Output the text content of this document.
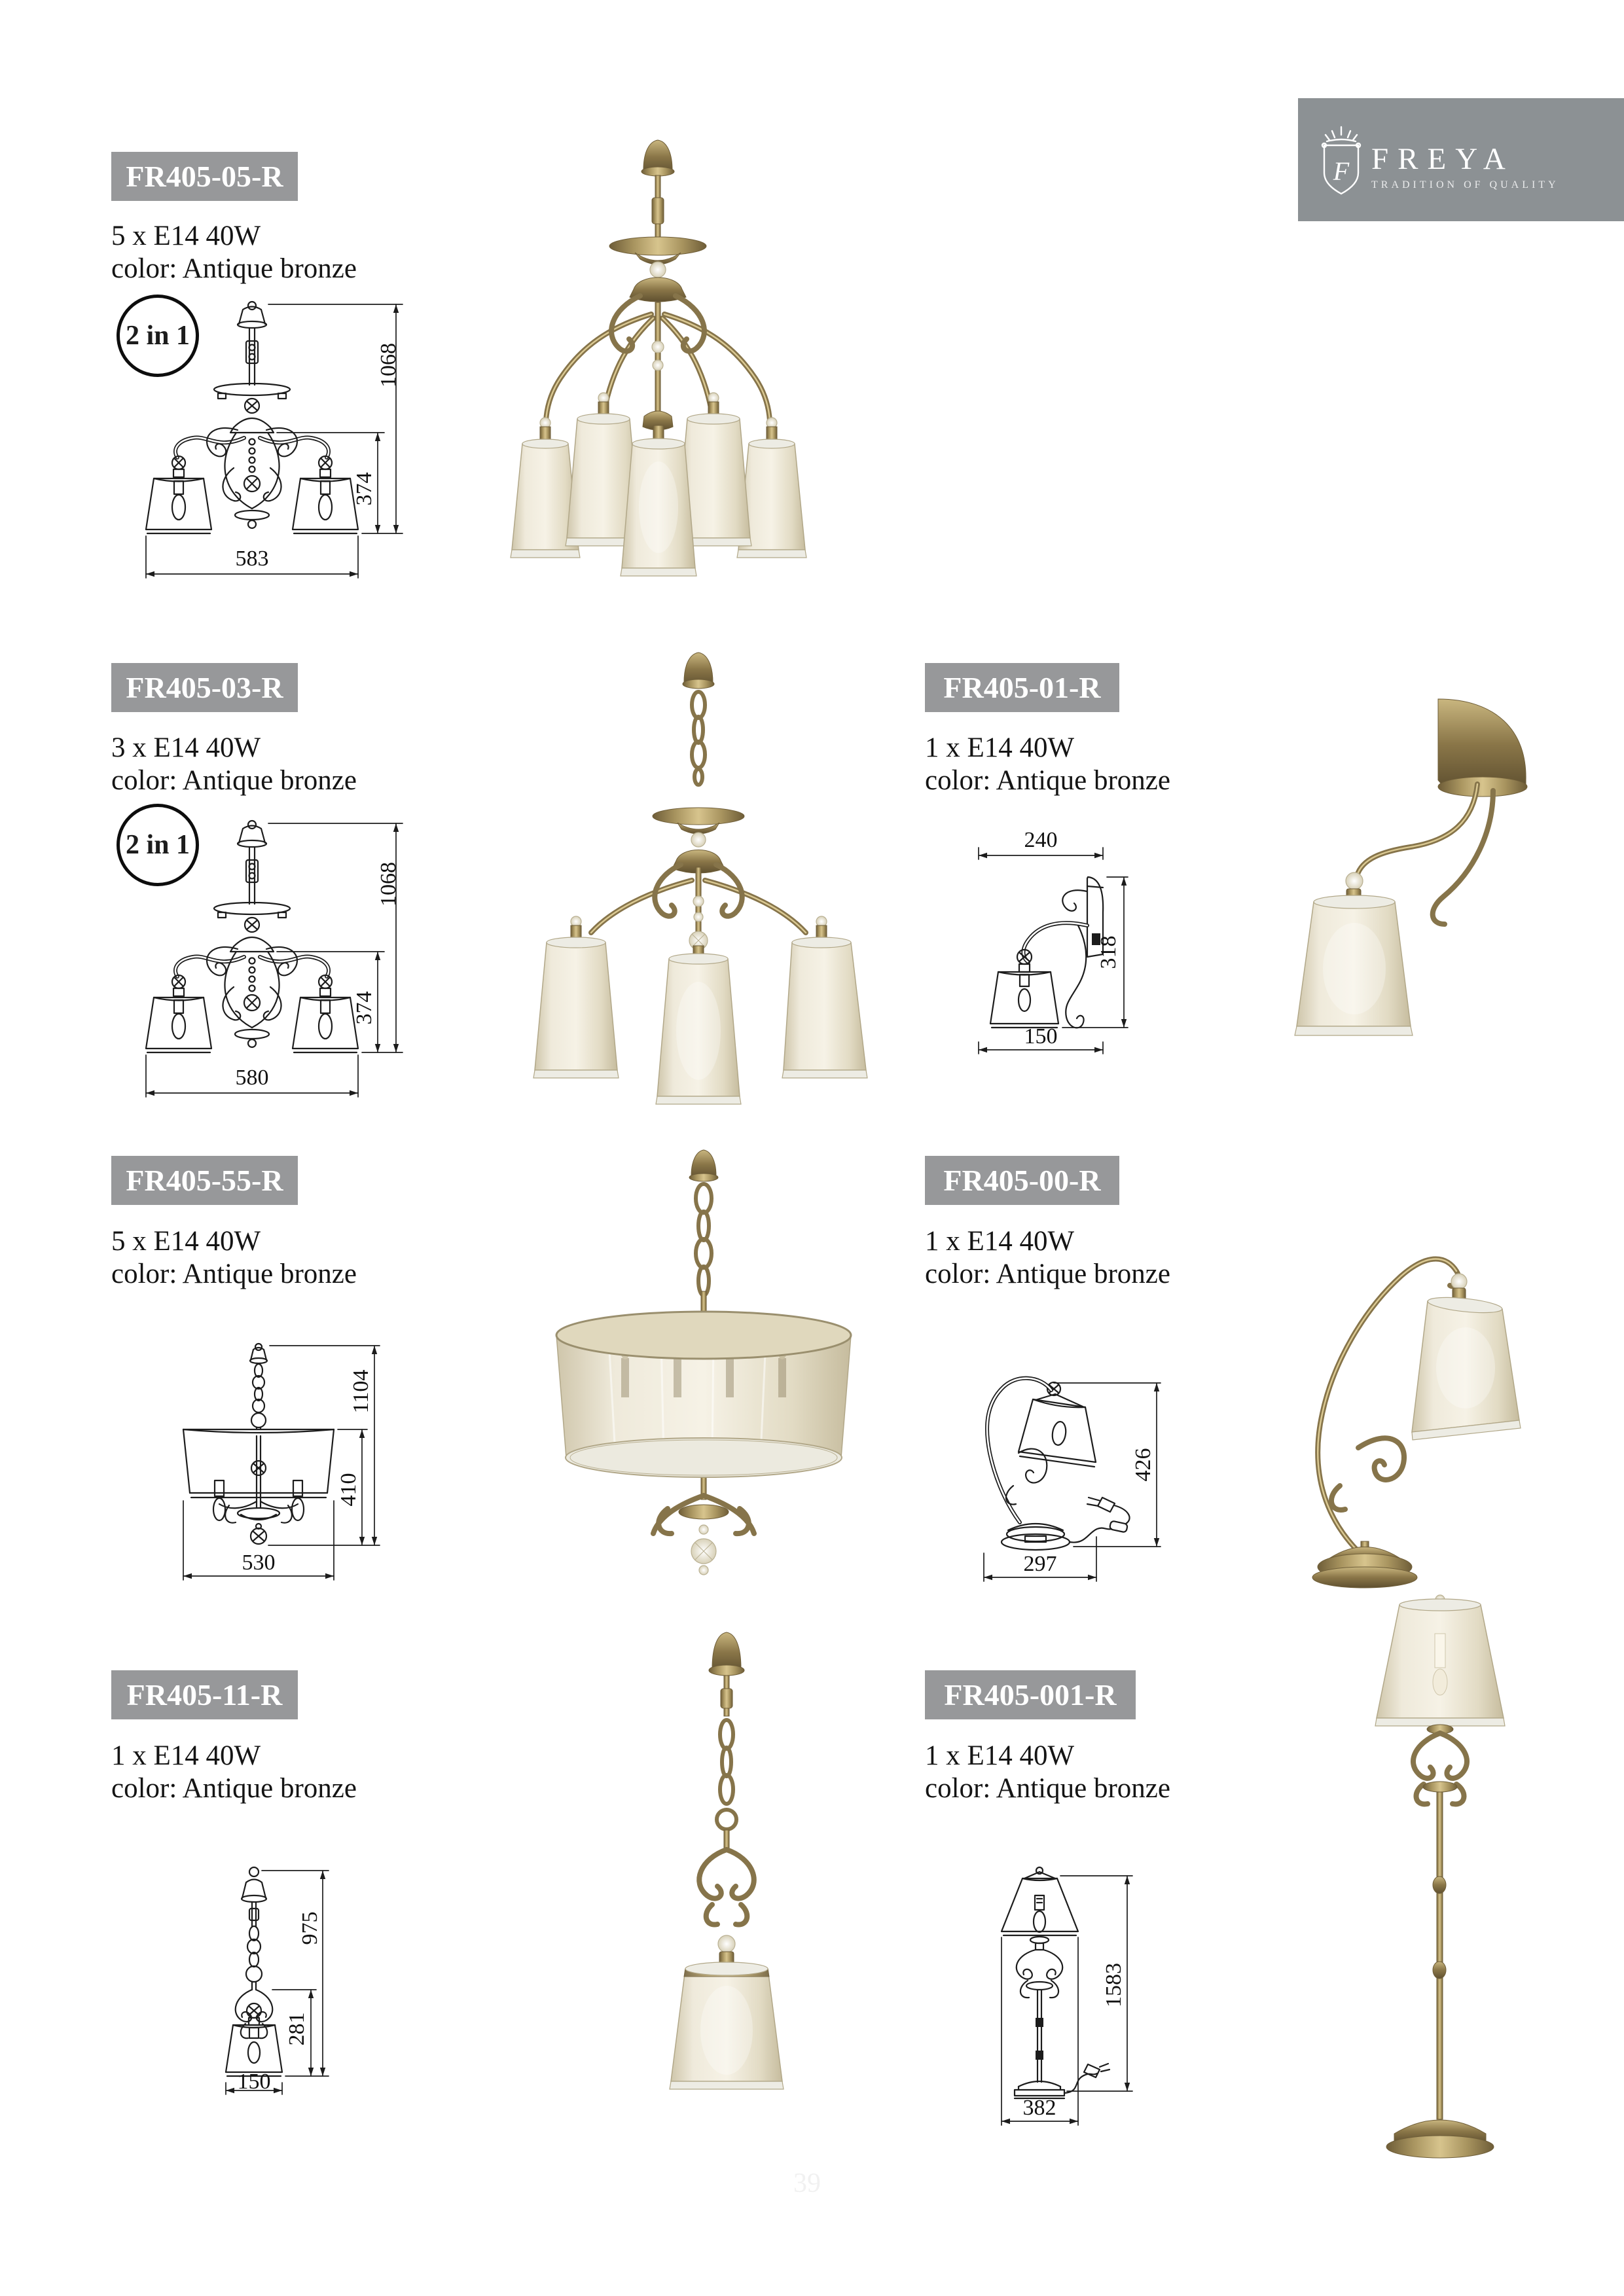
F FREYA
TRADITION OF QUALITY
FR405-05-R
5 x E14 40W
color: Antique bronze
2 in 1
1068
374
583
FR405-03-R
3 x E14 40W
color: Antique bronze
2 in 1
1068
374
580
FR405-01-R
1 x E14 40W
color: Antique bronze
240
318
150
FR405-55-R
5 x E14 40W
color: Antique bronze
1104
410
530
FR405-00-R
1 x E14 40W
color: Antique bronze
426
297
FR405-11-R
1 x E14 40W
color: Antique bronze
975
281
150
FR405-001-R
1 x E14 40W
color: Antique bronze
1583
382
39
